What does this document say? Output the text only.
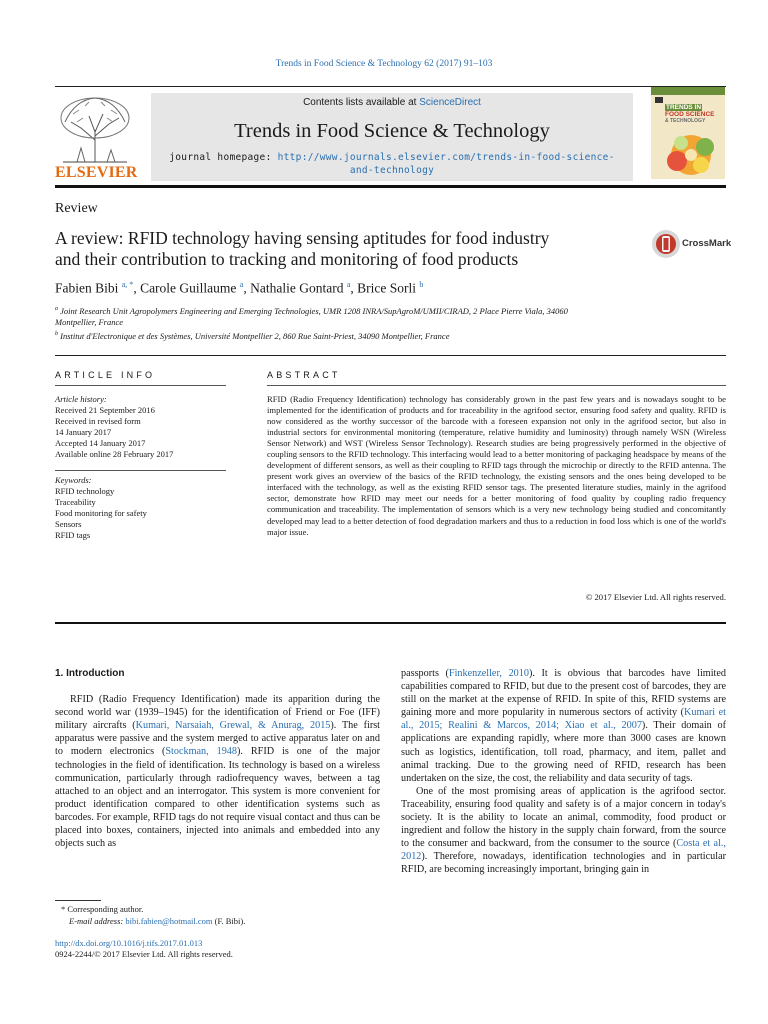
Trends in Food Science & Technology 62 (2017) 91–103
ELSEVIER
Contents lists available at ScienceDirect
Trends in Food Science & Technology
journal homepage: http://www.journals.elsevier.com/trends-in-food-science-
and-technology
TRENDS IN
FOOD SCIENCE
& TECHNOLOGY
Review
A review: RFID technology having sensing aptitudes for food industry
and their contribution to tracking and monitoring of food products
CrossMark
Fabien Bibi $^{a, *}$, Carole Guillaume $^a$, Nathalie Gontard $^a$, Brice Sorli $^b$
$^a$ Joint Research Unit Agropolymers Engineering and Emerging Technologies, UMR 1208 INRA/SupAgroM/UMII/CIRAD, 2 Place Pierre Viala, 34060
Montpellier, France
$^b$ Institut d'Electronique et des Systèmes, Université Montpellier 2, 860 Rue Saint-Priest, 34090 Montpellier, France
ARTICLE INFO	ABSTRACT
Article history:
Received 21 September 2016
Received in revised form
14 January 2017
Accepted 14 January 2017
Available online 28 February 2017
Keywords:
RFID technology
Traceability
Food monitoring for safety
Sensors
RFID tags
RFID (Radio Frequency Identification) technology has considerably grown in the past few years and is nowadays sought to be implemented for the identification of products and for traceability in the agrifood sector, ensuring food safety and quality. RFID is now considered as the worthy successor of the barcode with a foreseen expansion not only in the agrifood sector, but also in industrial sectors for environmental monitoring (temperature, relative humidity and luminosity) through namely WSN (Wireless Sensor Network) and WST (Wireless Sensor Technology). Research studies are being progressively performed in the objective of coupling sensors to the RFID technology. This interfacing would lead to a better monitoring of packaging headspace by means of the development of different sensors, as well as their coupling to RFID tags through the microchip or directly to the RFID antenna. The present work gives an overview of the basics of the RFID technology, the existing sensors and the ones being developed to be interfaced with the technology, as well as the existing RFID sensor tags. The presented literature studies, mainly in the agrifood sector, demonstrate how RFID may meet our needs for a better monitoring of food quality by coupling radio frequency communication and traceability. The implementation of sensors which is a very new technology being studied and concomitantly developed may lead to a better detection of food degradation markers and thus to a reduction in food loss which is one of the world's major issue.
© 2017 Elsevier Ltd. All rights reserved.
1. Introduction

RFID (Radio Frequency Identification) made its apparition during the second world war (1939–1945) for the identification of Friend or Foe (IFF) military aircrafts (Kumari, Narsaiah, Grewal, & Anurag, 2015). The first apparatus were passive and the system merged to active apparatus later on and to modern electronics (Stockman, 1948). RFID is one of the major technologies in the field of identification. Its technology is based on a wireless communication, particularly through radiofrequency waves, between a tag attached to an object and an interrogator. This system is more convenient for product identification compared to other identification systems such as barcodes. For example, RFID tags do not require visual contact and thus can be placed into boxes, containers, injected into animals and embedded into any objects such as

passports (Finkenzeller, 2010). It is obvious that barcodes have limited capabilities compared to RFID, but due to the present cost of barcodes, they are still on the market at the expense of RFID. In spite of this, RFID systems are gaining more and more popularity in numerous sectors of activity (Kumari et al., 2015; Realini & Marcos, 2014; Xiao et al., 2007). Their domain of applications are expanding rapidly, where more than 3000 cases are known such as logistics, identification, toll road, pharmacy, and item, pallet and animal tracking. Due to the growing need of RFID, research has been undertaken on the size, the cost, the reliability and data security of tags.

One of the most promising areas of application is the agrifood sector. Traceability, ensuring food quality and safety is of a major concern in today's society. It is the ability to locate an animal, commodity, food product or ingredient and follow the history in the supply chain forward, from the source to the consumer and backward, from the consumer to the source (Costa et al., 2012). Therefore, nowadays, identification technologies and in particular RFID, are becoming increasingly important, bringing gain in

* Corresponding author.
E-mail address: bibi.fabien@hotmail.com (F. Bibi).
http://dx.doi.org/10.1016/j.tifs.2017.01.013
0924-2244/© 2017 Elsevier Ltd. All rights reserved.
